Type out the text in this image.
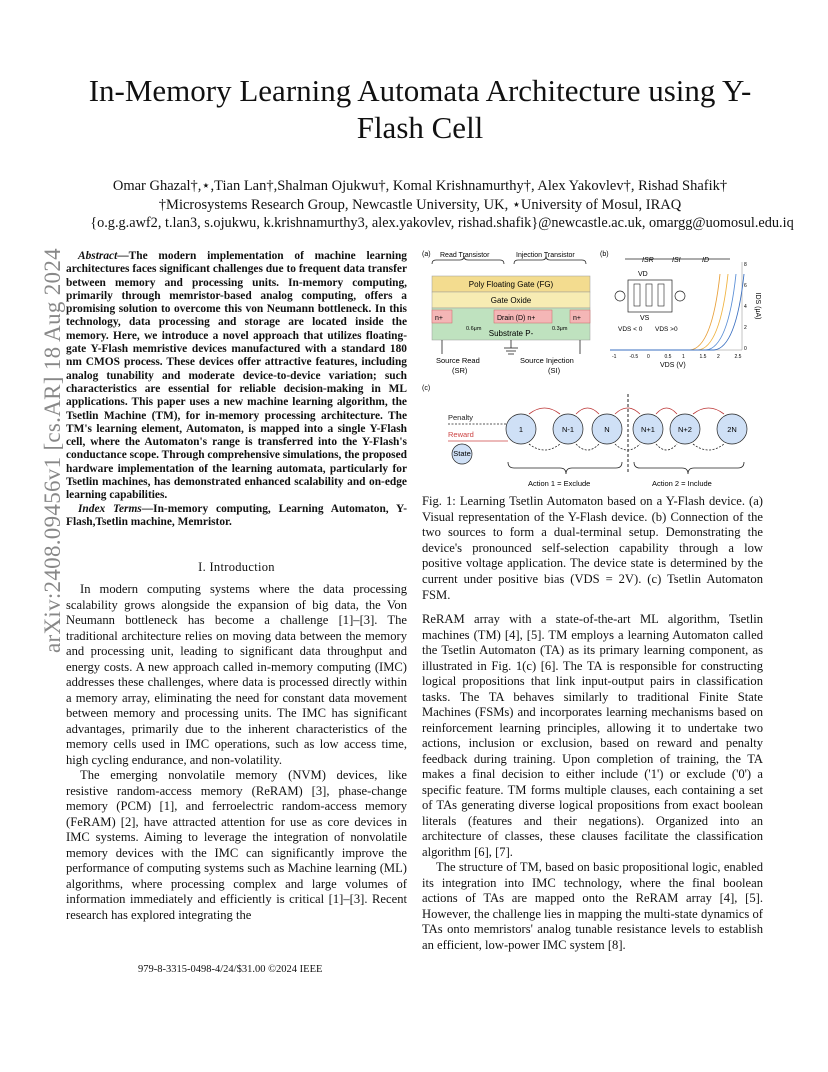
arXiv:2408.09456v1 [cs.AR] 18 Aug 2024
In-Memory Learning Automata Architecture using Y-Flash Cell
Omar Ghazal†,⋆,Tian Lan†,Shalman Ojukwu†, Komal Krishnamurthy†, Alex Yakovlev†, Rishad Shafik†
†Microsystems Research Group, Newcastle University, UK, ⋆University of Mosul, IRAQ
{o.g.g.awf2, t.lan3, s.ojukwu, k.krishnamurthy3, alex.yakovlev, rishad.shafik}@newcastle.ac.uk, omargg@uomosul.edu.iq

Abstract—The modern implementation of machine learning architectures faces significant challenges due to frequent data transfer between memory and processing units. In-memory computing, primarily through memristor-based analog computing, offers a promising solution to overcome this von Neumann bottleneck. In this technology, data processing and storage are located inside the memory. Here, we introduce a novel approach that utilizes floating-gate Y-Flash memristive devices manufactured with a standard 180 nm CMOS process. These devices offer attractive features, including analog tunability and moderate device-to-device variation; such characteristics are essential for reliable decision-making in ML applications. This paper uses a new machine learning algorithm, the Tsetlin Machine (TM), for in-memory processing architecture. The TM's learning element, Automaton, is mapped into a single Y-Flash cell, where the Automaton's range is transferred into the Y-Flash's conductance scope. Through comprehensive simulations, the proposed hardware implementation of the learning automata, particularly for Tsetlin machines, has demonstrated enhanced scalability and on-edge learning capabilities.

Index Terms—In-memory computing, Learning Automaton, Y-Flash,Tsetlin machine, Memristor.

I. Introduction

In modern computing systems where the data processing scalability grows alongside the expansion of big data, the Von Neumann bottleneck has become a challenge [1]–[3]. The traditional architecture relies on moving data between the memory and processing unit, leading to significant data throughput and energy costs. A new approach called in-memory computing (IMC) addresses these challenges, where data is processed directly within a memory array, eliminating the need for constant data movement between memory and processing units. The IMC has significant advantages, primarily due to the inherent characteristics of the memory cells used in IMC operations, such as low access time, high cycling endurance, and non-volatility.

The emerging nonvolatile memory (NVM) devices, like resistive random-access memory (ReRAM) [3], phase-change memory (PCM) [1], and ferroelectric random-access memory (FeRAM) [2], have attracted attention for use as core devices in IMC systems. Aiming to leverage the integration of nonvolatile memory devices with the IMC can significantly improve the performance of computing systems such as Machine learning (ML) algorithms, where processing complex and large volumes of information immediately and efficiently is critical [1]–[3]. Recent research has explored integrating the

979-8-3315-0498-4/24/$31.00 ©2024 IEEE
(a) Read Transistor	Injection Transistor
Poly Floating Gate (FG)
Gate Oxide
n+	Drain (D) n+	n+
0.6μm	0.3μm
Substrate P-
Source Read
(SR)
Source Injection
(SI)
(b)
ISR	ISI	ID
VD
VS
VDS < 0 VDS >0
-1	-0.5 0	0.5 1	1.5 2	2.5
8
6
4
2
0
VDS (V)
IDS (μA)
(c)
Penalty
Reward
State
1	N-1	N	N+1	N+2	2N
Action 1 = Exclude	Action 2 = Include
Fig. 1: Learning Tsetlin Automaton based on a Y-Flash device. (a) Visual representation of the Y-Flash device. (b) Connection of the two sources to form a dual-terminal setup. Demonstrating the device's pronounced self-selection capability through a low positive voltage application. The device state is determined by the current under positive bias (VDS = 2V). (c) Tsetlin Automaton FSM.

ReRAM array with a state-of-the-art ML algorithm, Tsetlin machines (TM) [4], [5]. TM employs a learning Automaton called the Tsetlin Automaton (TA) as its primary learning component, as illustrated in Fig. 1(c) [6]. The TA is responsible for constructing logical propositions that link input-output pairs in classification tasks. The TA behaves similarly to traditional Finite State Machines (FSMs) and incorporates learning mechanisms based on reinforcement learning principles, allowing it to undertake two actions, inclusion or exclusion, based on reward and penalty feedback during training. Upon completion of training, the TA makes a final decision to either include ('1') or exclude ('0') a specific feature. TM forms multiple clauses, each containing a set of TAs generating diverse logical propositions from exact boolean literals (features and their negations). Organized into an architecture of classes, these clauses facilitate the classification algorithm [6], [7].

The structure of TM, based on basic propositional logic, enabled its integration into IMC technology, where the final boolean actions of TAs are mapped onto the ReRAM array [4], [5]. However, the challenge lies in mapping the multi-state dynamics of TAs onto memristors' analog tunable resistance levels to establish an efficient, low-power IMC system [8].
